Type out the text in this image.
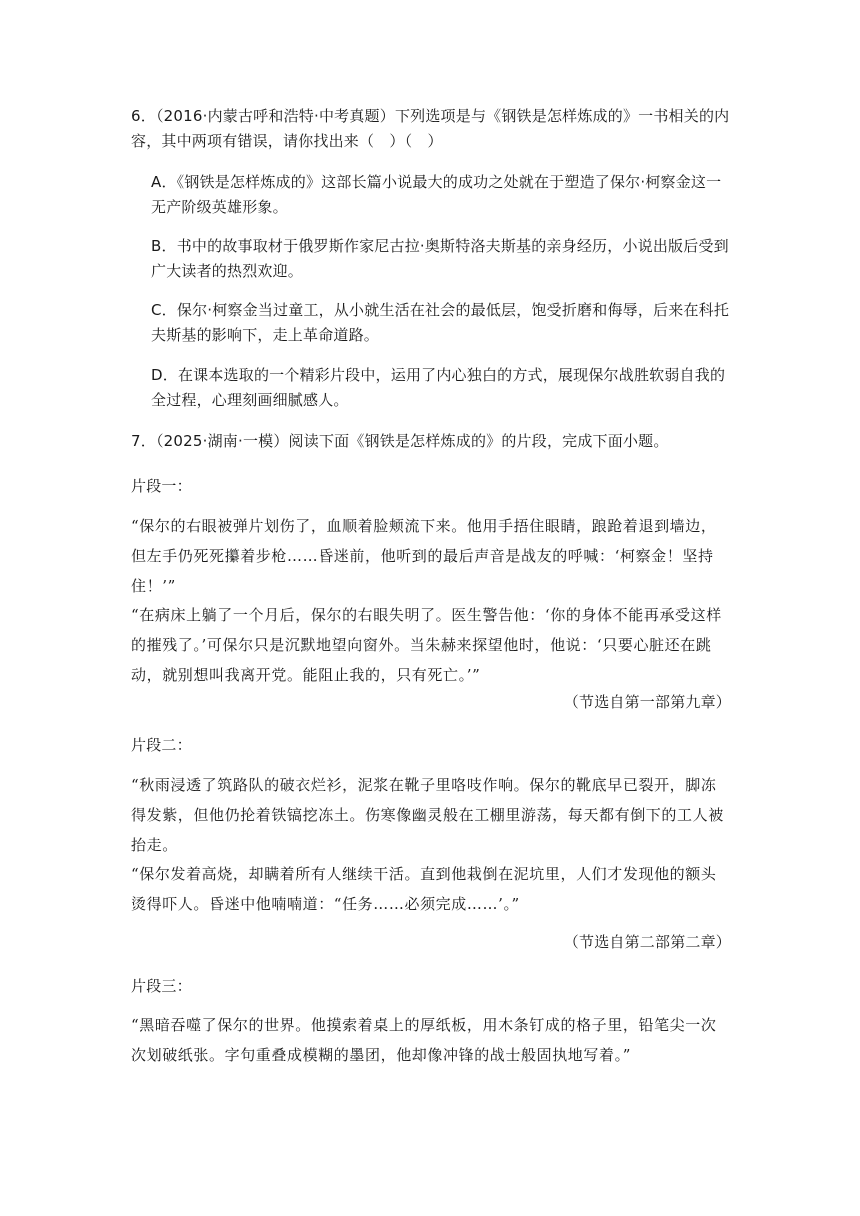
6．（2016·内蒙古呼和浩特·中考真题）下列选项是与《钢铁是怎样炼成的》一书相关的内容，其中两项有错误，请你找出来（　）（　）

A．《钢铁是怎样炼成的》这部长篇小说最大的成功之处就在于塑造了保尔·柯察金这一无产阶级英雄形象。

B．书中的故事取材于俄罗斯作家尼古拉·奥斯特洛夫斯基的亲身经历，小说出版后受到广大读者的热烈欢迎。

C．保尔·柯察金当过童工，从小就生活在社会的最低层，饱受折磨和侮辱，后来在科托夫斯基的影响下，走上革命道路。

D．在课本选取的一个精彩片段中，运用了内心独白的方式，展现保尔战胜软弱自我的全过程，心理刻画细腻感人。

7．（2025·湖南·一模）阅读下面《钢铁是怎样炼成的》的片段，完成下面小题。

片段一：

“保尔的右眼被弹片划伤了，血顺着脸颊流下来。他用手捂住眼睛，踉跄着退到墙边，但左手仍死死攥着步枪……昏迷前，他听到的最后声音是战友的呼喊：‘柯察金！坚持住！’”

“在病床上躺了一个月后，保尔的右眼失明了。医生警告他：‘你的身体不能再承受这样的摧残了。’可保尔只是沉默地望向窗外。当朱赫来探望他时，他说：‘只要心脏还在跳动，就别想叫我离开党。能阻止我的，只有死亡。’”

（节选自第一部第九章）

片段二：

“秋雨浸透了筑路队的破衣烂衫，泥浆在靴子里咯吱作响。保尔的靴底早已裂开，脚冻得发紫，但他仍抡着铁镐挖冻土。伤寒像幽灵般在工棚里游荡，每天都有倒下的工人被抬走。

“保尔发着高烧，却瞒着所有人继续干活。直到他栽倒在泥坑里，人们才发现他的额头烫得吓人。昏迷中他喃喃道：“任务……必须完成……’。”

（节选自第二部第二章）

片段三：

“黑暗吞噬了保尔的世界。他摸索着桌上的厚纸板，用木条钉成的格子里，铅笔尖一次次划破纸张。字句重叠成模糊的墨团，他却像冲锋的战士般固执地写着。”
